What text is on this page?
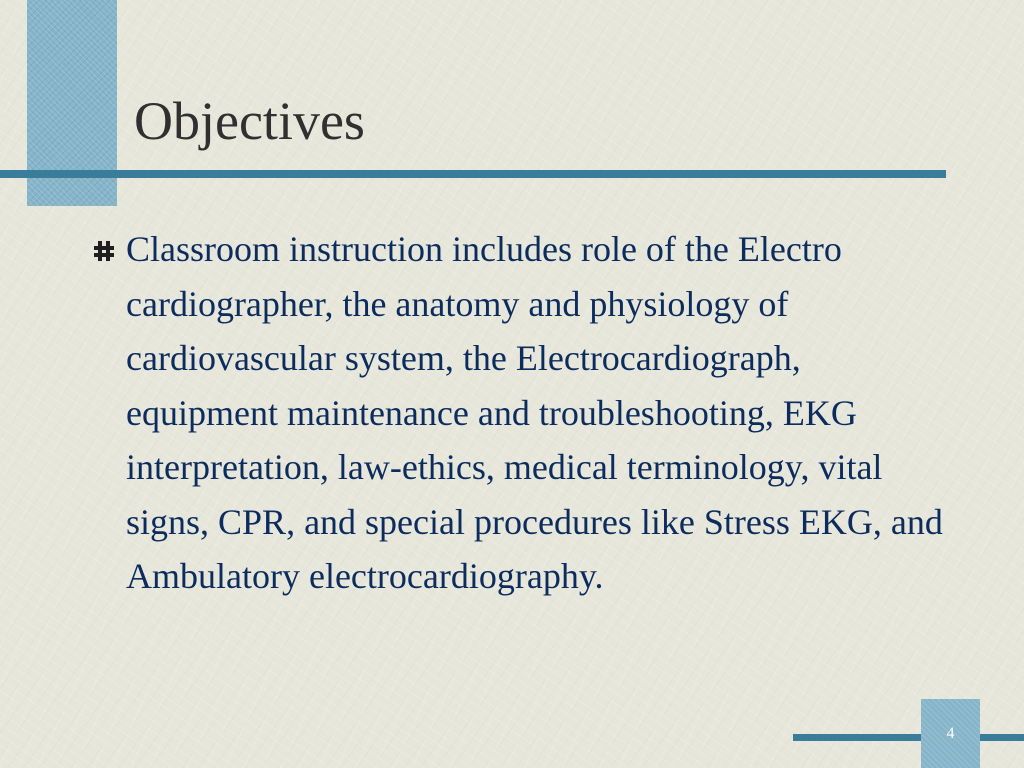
Objectives

Classroom instruction includes role of the Electro cardiographer, the anatomy and physiology of cardiovascular system, the Electrocardiograph, equipment maintenance and troubleshooting, EKG interpretation, law-ethics, medical terminology, vital signs, CPR, and special procedures like Stress EKG, and Ambulatory electrocardiography.

4
